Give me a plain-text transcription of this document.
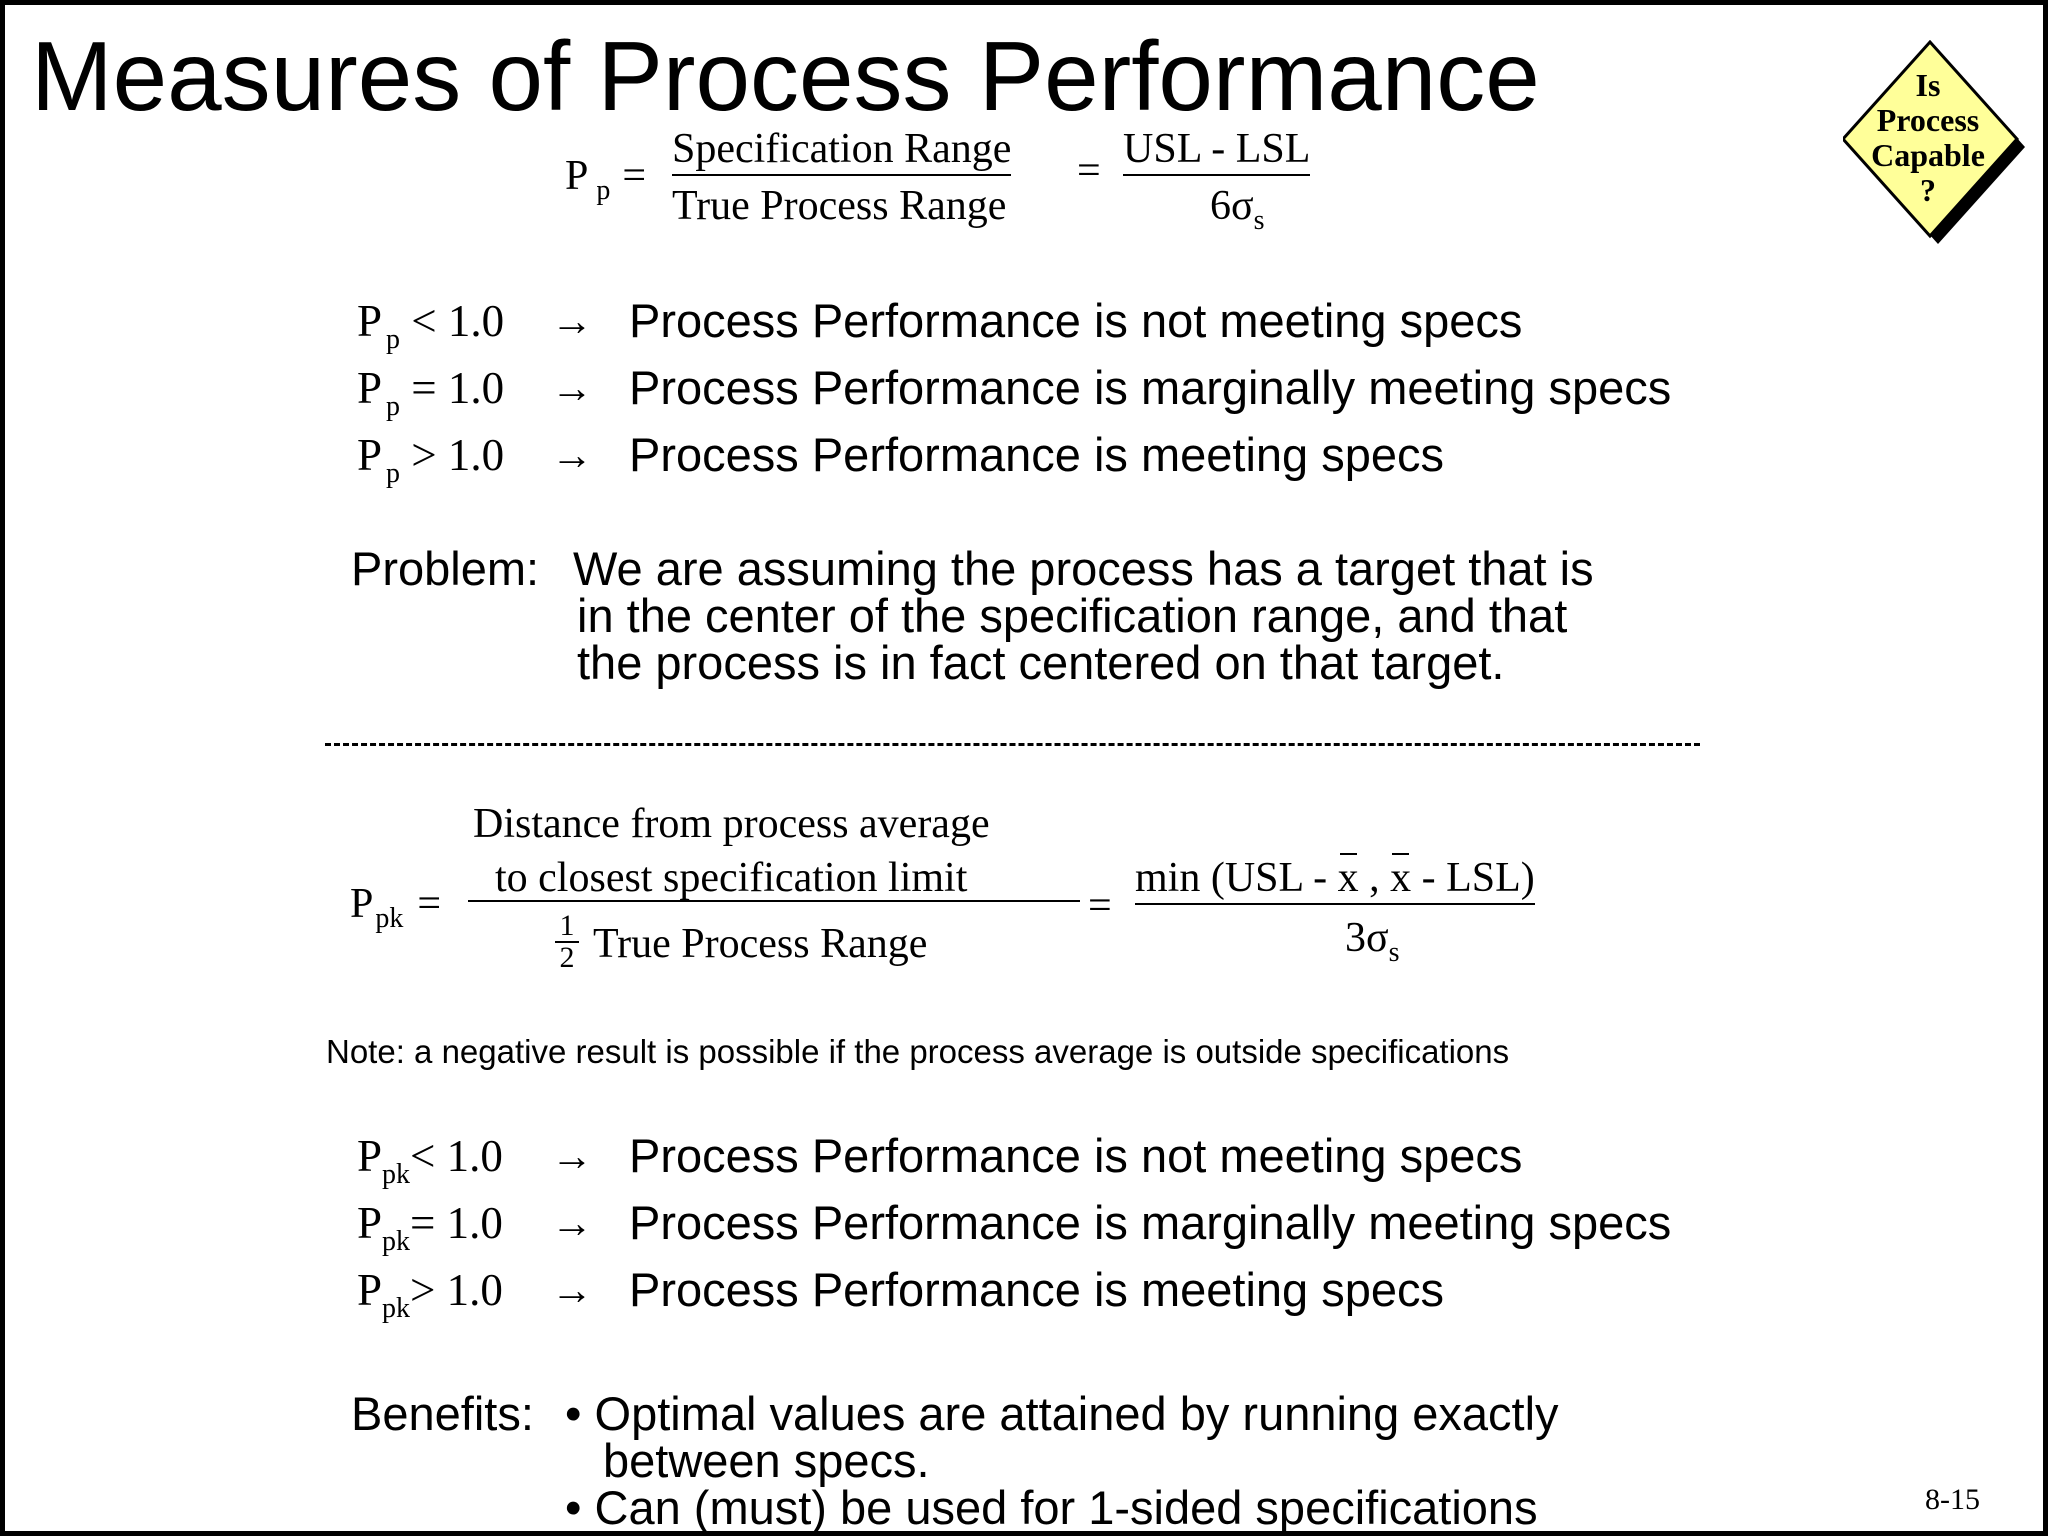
Measures of Process Performance	Is
Process
Capable
?
P $_p$ =
Specification Range
True Process Range
= USL - LSL
$6\sigma_s$
P $_p$ < 1.0 → Process Performance is not meeting specs
P $_p$ = 1.0 → Process Performance is marginally meeting specs
P $_p$ > 1.0 → Process Performance is meeting specs
Problem: We are assuming the process has a target that is
in the center of the specification range, and that
the process is in fact centered on that target.
$P_{pk}$ =
Distance from process average
to closest specification limit
$\frac{1}{2}$ True Process Range
=
min (USL - x , x - LSL)
$3\sigma_s$
Note: a negative result is possible if the process average is outside specifications
$P_{pk}< 1.0$ → Process Performance is not meeting specs
$P_{pk}= 1.0$ → Process Performance is marginally meeting specs
$P_{pk}> 1.0$ → Process Performance is meeting specs
Benefits: • Optimal values are attained by running exactly
between specs.
• Can (must) be used for 1-sided specifications	8-15
